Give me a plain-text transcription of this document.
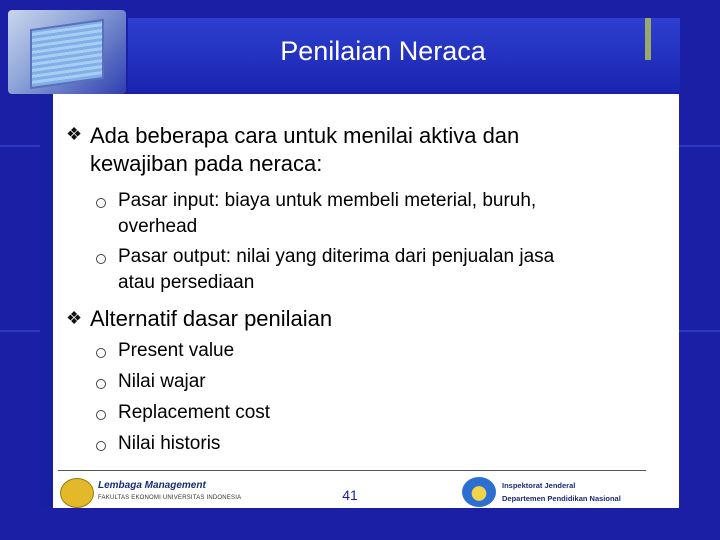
Penilaian Neraca
❖ Ada beberapa cara untuk menilai aktiva dan
kewajiban pada neraca:
Pasar input: biaya untuk membeli meterial, buruh,
overhead
Pasar output: nilai yang diterima dari penjualan jasa
atau persediaan
❖ Alternatif dasar penilaian
Present value
Nilai wajar
Replacement cost
Nilai historis
Lembaga Management
FAKULTAS EKONOMI UNIVERSITAS INDONESIA	41
Inspektorat Jenderal
Departemen Pendidikan Nasional
